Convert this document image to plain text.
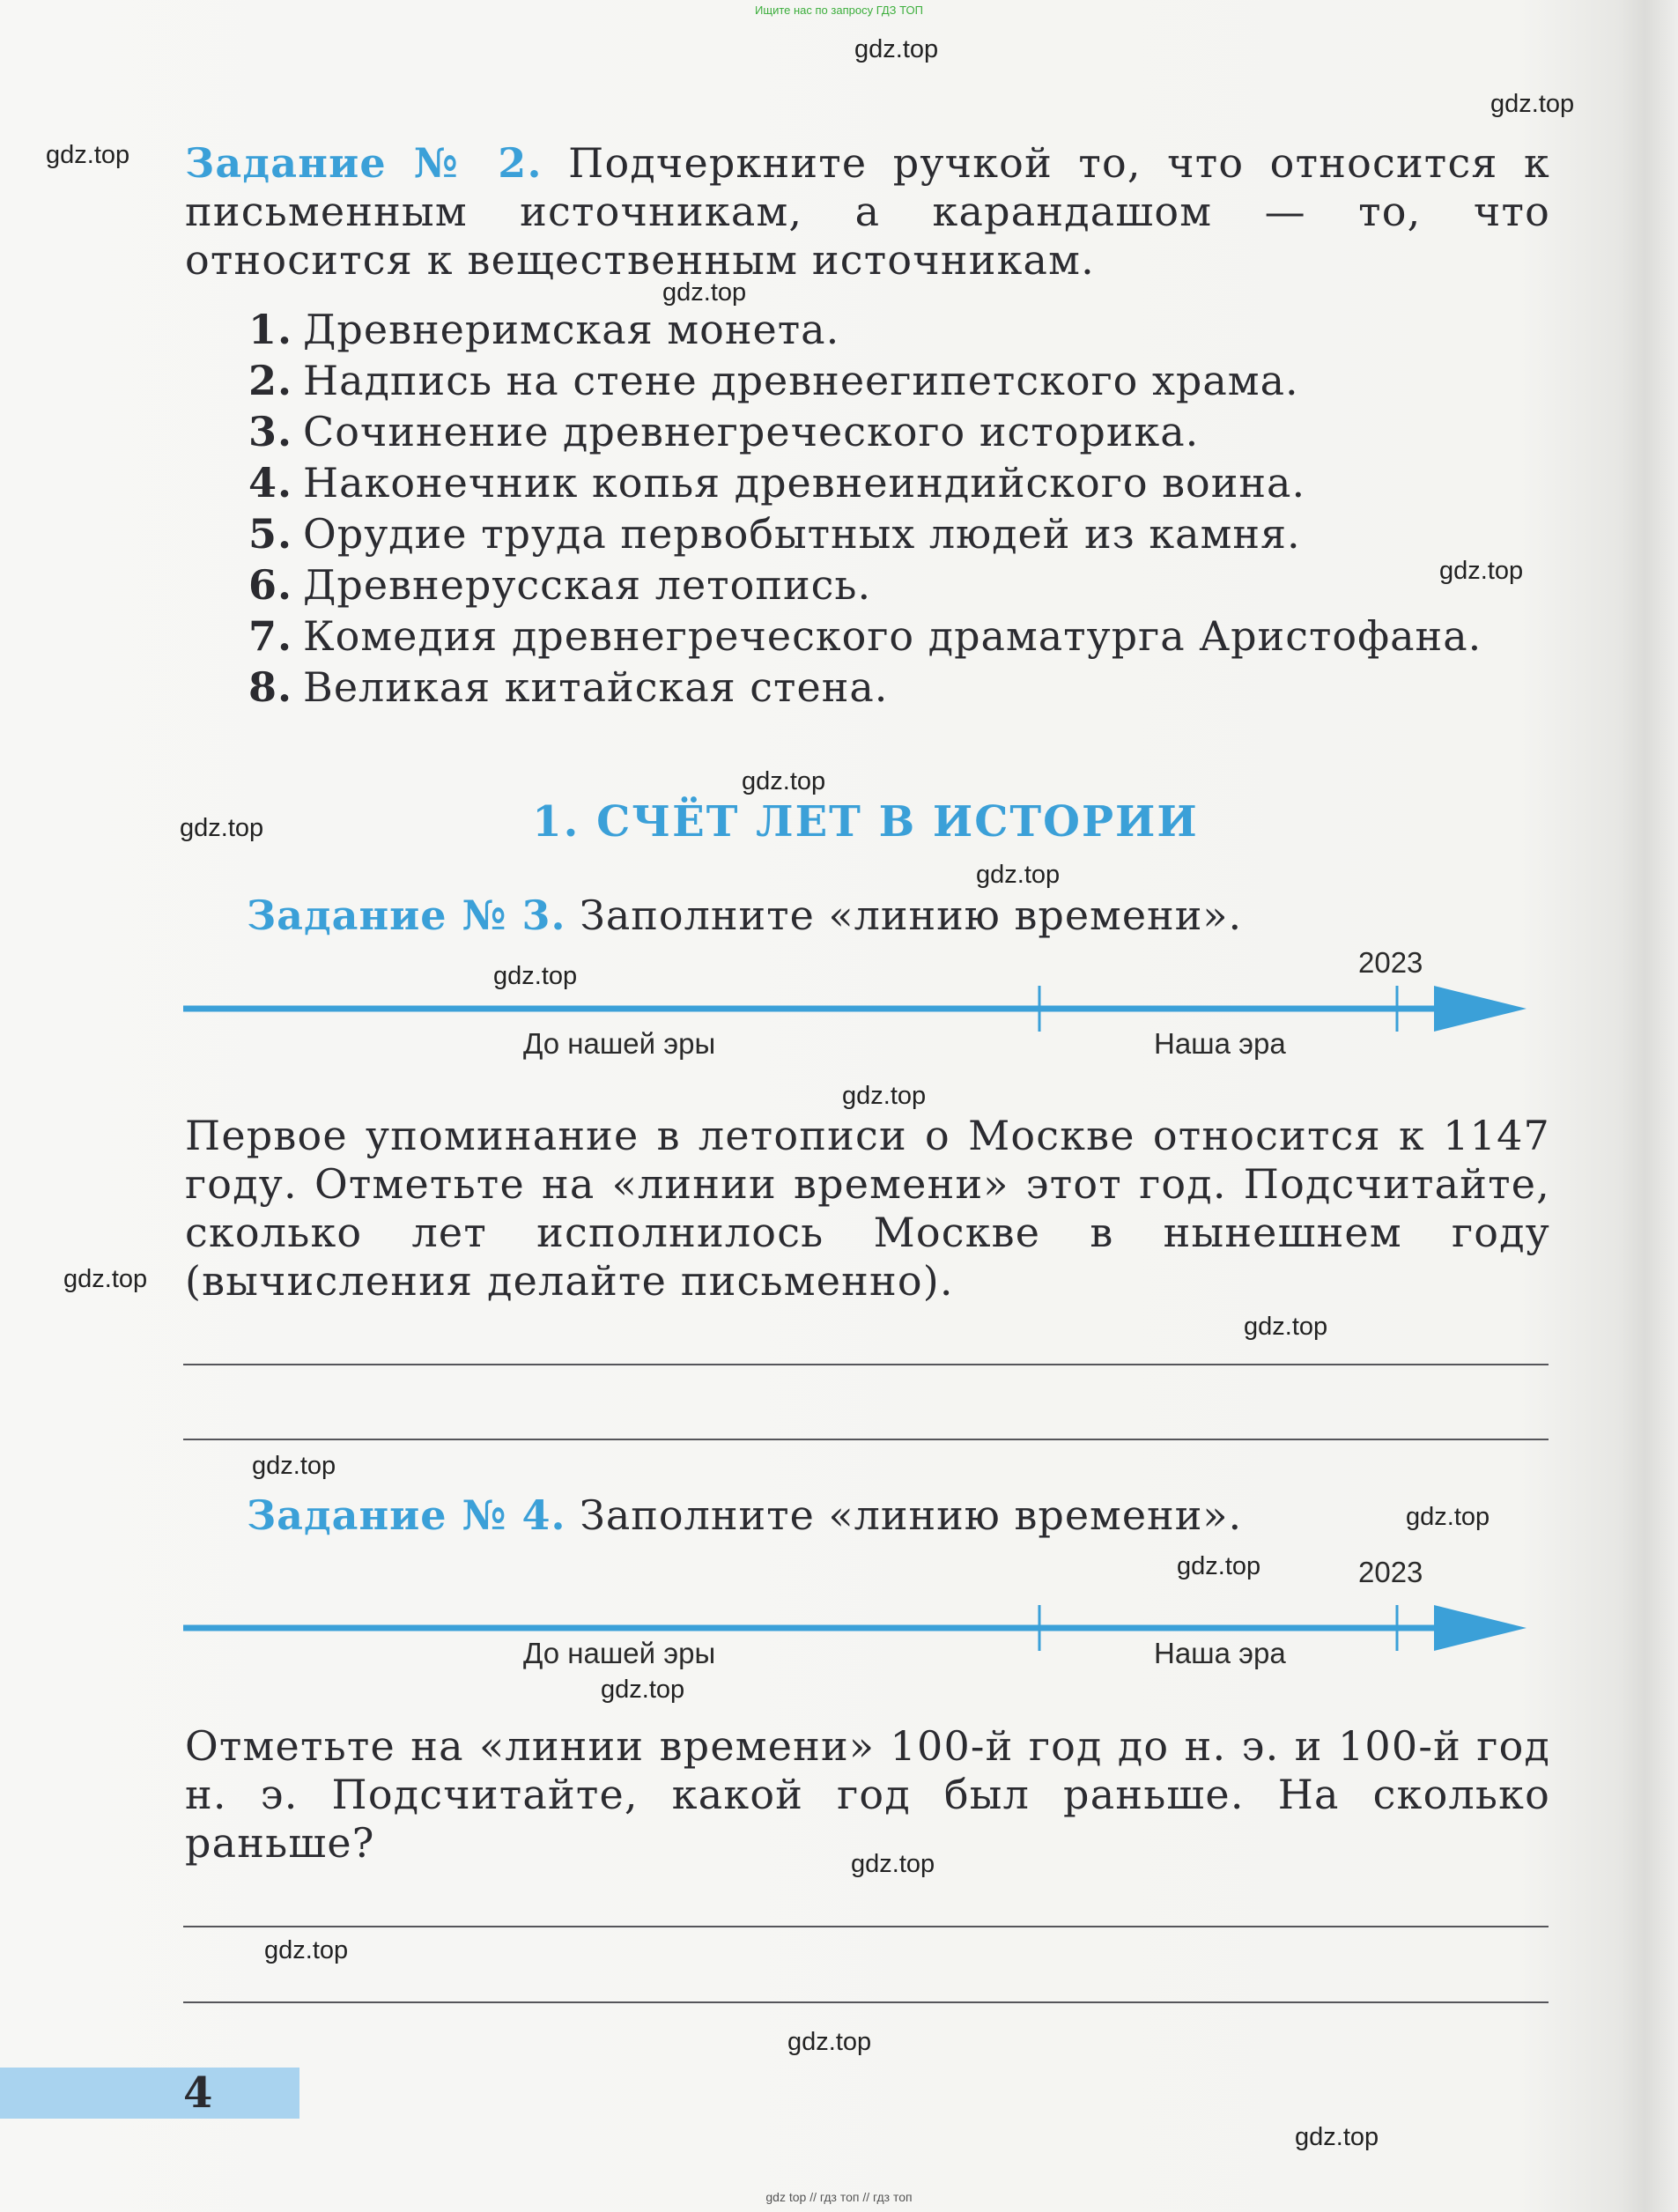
Ищите нас по запросу ГДЗ ТОП
gdz.top
gdz.top
gdz.top
gdz.top
gdz.top
gdz.top
gdz.top
gdz.top
gdz.top
gdz.top
gdz.top
gdz.top
gdz.top
gdz.top
gdz.top
gdz.top
gdz.top
gdz.top
gdz.top
gdz.top
Задание № 2. Подчеркните ручкой то, что относится к письменным источникам, а карандашом — то, что относится к вещественным источникам.
1. Древнеримская монета.
2. Надпись на стене древнеегипетского храма.
3. Сочинение древнегреческого историка.
4. Наконечник копья древнеиндийского воина.
5. Орудие труда первобытных людей из камня.
6. Древнерусская летопись.
7. Комедия древнегреческого драматурга Аристофана.
8. Великая китайская стена.
1. СЧЁТ ЛЕТ В ИСТОРИИ
Задание № 3. Заполните «линию времени».
2023
До нашей эры	Наша эра
Первое упоминание в летописи о Москве относится к 1147 году. Отметьте на «линии времени» этот год. Подсчитайте, сколько лет исполнилось Москве в нынешнем году (вычисления делайте письменно).
Задание № 4. Заполните «линию времени».
2023
До нашей эры	Наша эра
Отметьте на «линии времени» 100-й год до н. э. и 100-й год н. э. Подсчитайте, какой год был раньше. На сколько раньше?
4
gdz top // гдз топ // гдз топ
